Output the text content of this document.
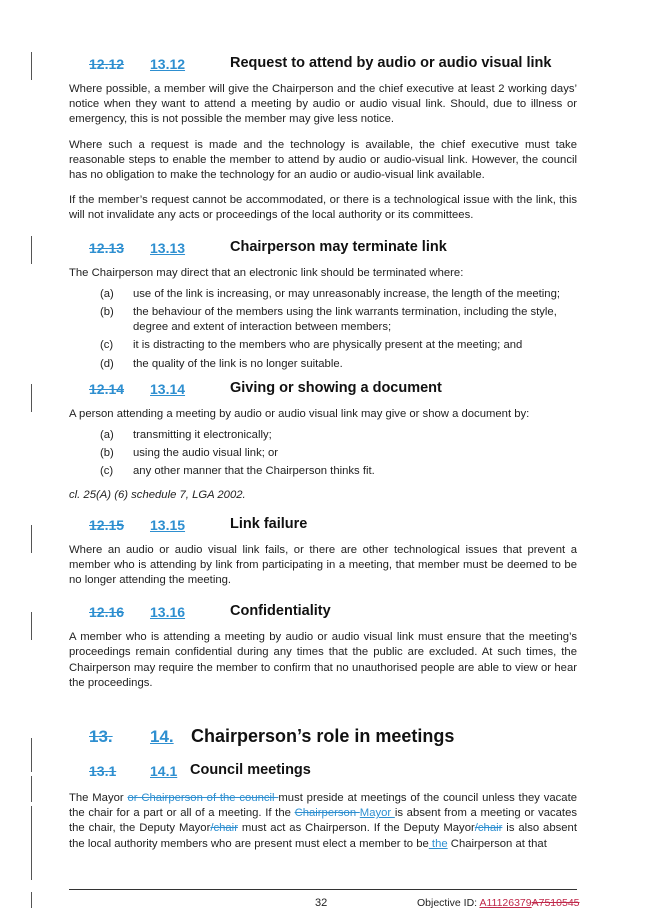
12.12 13.12	Request to attend by audio or audio visual link
Where possible, a member will give the Chairperson and the chief executive at least 2 working days’ notice when they want to attend a meeting by audio or audio visual link. Should, due to illness or emergency, this is not possible the member may give less notice.
Where such a request is made and the technology is available, the chief executive must take reasonable steps to enable the member to attend by audio or audio-visual link. However, the council has no obligation to make the technology for an audio or audio-visual link available.
If the member’s request cannot be accommodated, or there is a technological issue with the link, this will not invalidate any acts or proceedings of the local authority or its committees.
12.13 13.13	Chairperson may terminate link
The Chairperson may direct that an electronic link should be terminated where:
(a) use of the link is increasing, or may unreasonably increase, the length of the meeting;
(b) the behaviour of the members using the link warrants termination, including the style, degree and extent of interaction between members;
(c) it is distracting to the members who are physically present at the meeting; and
(d) the quality of the link is no longer suitable.
12.14 13.14	Giving or showing a document
A person attending a meeting by audio or audio visual link may give or show a document by:
(a) transmitting it electronically;
(b) using the audio visual link; or
(c) any other manner that the Chairperson thinks fit.
cl. 25(A) (6) schedule 7, LGA 2002.
12.15 13.15	Link failure
Where an audio or audio visual link fails, or there are other technological issues that prevent a member who is attending by link from participating in a meeting, that member must be deemed to be no longer attending the meeting.
12.16 13.16	Confidentiality
A member who is attending a meeting by audio or audio visual link must ensure that the meeting’s proceedings remain confidential during any times that the public are excluded. At such times, the Chairperson may require the member to confirm that no unauthorised people are able to view or hear the proceedings.
13. 14. Chairperson’s role in meetings
13.1 14.1 Council meetings
The Mayor or Chairperson of the council must preside at meetings of the council unless they vacate the chair for a part or all of a meeting. If the Chairperson Mayor is absent from a meeting or vacates the chair, the Deputy Mayor/chair must act as Chairperson. If the Deputy Mayor/chair is also absent the local authority members who are present must elect a member to be the Chairperson at that
32	Objective ID: A11126379A7510545
